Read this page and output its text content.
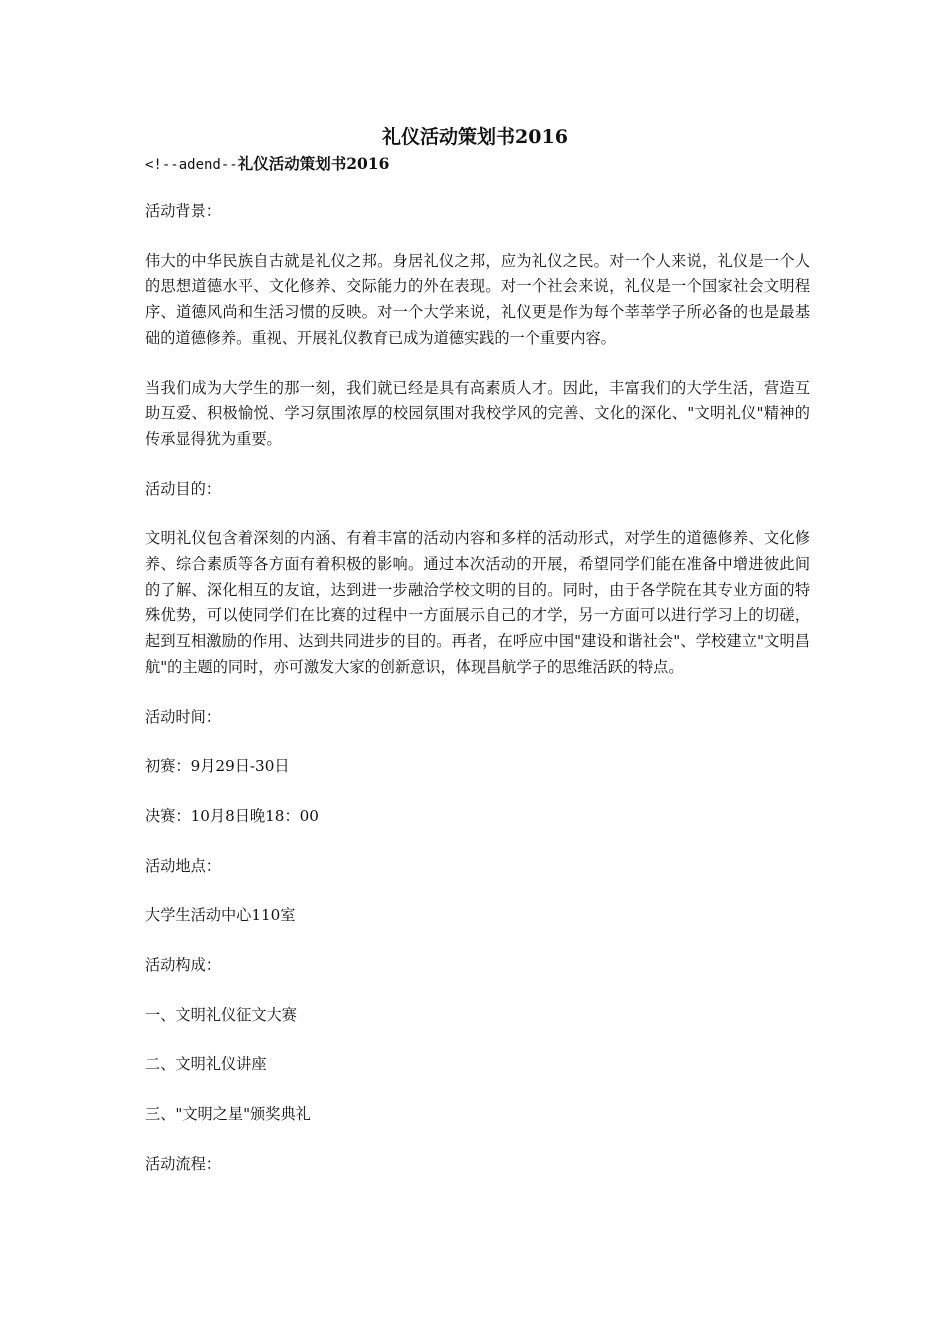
礼仪活动策划书2016
<!--adend--礼仪活动策划书2016

活动背景：

伟大的中华民族自古就是礼仪之邦。身居礼仪之邦，应为礼仪之民。对一个人来说，礼仪是一个人的思想道德水平、文化修养、交际能力的外在表现。对一个社会来说，礼仪是一个国家社会文明程序、道德风尚和生活习惯的反映。对一个大学来说，礼仪更是作为每个莘莘学子所必备的也是最基础的道德修养。重视、开展礼仪教育已成为道德实践的一个重要内容。

当我们成为大学生的那一刻，我们就已经是具有高素质人才。因此，丰富我们的大学生活，营造互助互爱、积极愉悦、学习氛围浓厚的校园氛围对我校学风的完善、文化的深化、"文明礼仪"精神的传承显得犹为重要。

活动目的：

文明礼仪包含着深刻的内涵、有着丰富的活动内容和多样的活动形式，对学生的道德修养、文化修养、综合素质等各方面有着积极的影响。通过本次活动的开展，希望同学们能在准备中增进彼此间的了解、深化相互的友谊，达到进一步融洽学校文明的目的。同时，由于各学院在其专业方面的特殊优势，可以使同学们在比赛的过程中一方面展示自己的才学，另一方面可以进行学习上的切磋，起到互相激励的作用、达到共同进步的目的。再者，在呼应中国"建设和谐社会"、学校建立"文明昌航"的主题的同时，亦可激发大家的创新意识，体现昌航学子的思维活跃的特点。

活动时间：

初赛：9月29日-30日

决赛：10月8日晚18：00

活动地点：

大学生活动中心110室

活动构成：

一、文明礼仪征文大赛

二、文明礼仪讲座

三、"文明之星"颁奖典礼

活动流程：
